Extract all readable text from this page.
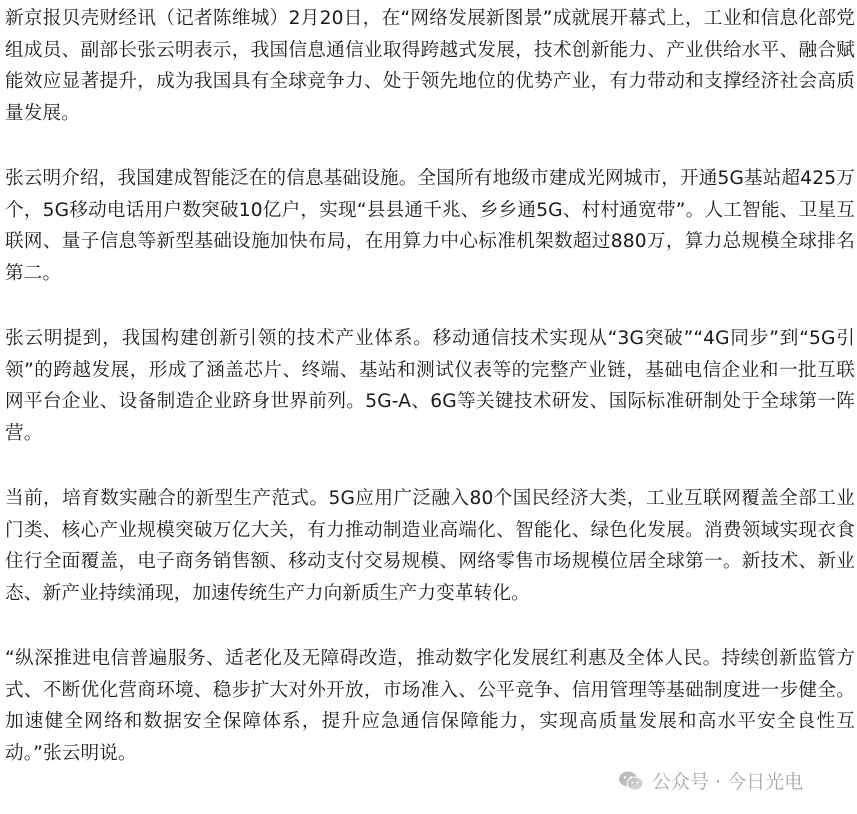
新京报贝壳财经讯（记者陈维城）2月20日，在“网络发展新图景”成就展开幕式上，工业和信息化部党组成员、副部长张云明表示，我国信息通信业取得跨越式发展，技术创新能力、产业供给水平、融合赋能效应显著提升，成为我国具有全球竞争力、处于领先地位的优势产业，有力带动和支撑经济社会高质量发展。

张云明介绍，我国建成智能泛在的信息基础设施。全国所有地级市建成光网城市，开通5G基站超425万个，5G移动电话用户数突破10亿户，实现“县县通千兆、乡乡通5G、村村通宽带”。人工智能、卫星互联网、量子信息等新型基础设施加快布局，在用算力中心标准机架数超过880万，算力总规模全球排名第二。

张云明提到，我国构建创新引领的技术产业体系。移动通信技术实现从“3G突破”“4G同步”到“5G引领”的跨越发展，形成了涵盖芯片、终端、基站和测试仪表等的完整产业链，基础电信企业和一批互联网平台企业、设备制造企业跻身世界前列。5G-A、6G等关键技术研发、国际标准研制处于全球第一阵营。

当前，培育数实融合的新型生产范式。5G应用广泛融入80个国民经济大类，工业互联网覆盖全部工业门类、核心产业规模突破万亿大关，有力推动制造业高端化、智能化、绿色化发展。消费领域实现衣食住行全面覆盖，电子商务销售额、移动支付交易规模、网络零售市场规模位居全球第一。新技术、新业态、新产业持续涌现，加速传统生产力向新质生产力变革转化。

“纵深推进电信普遍服务、适老化及无障碍改造，推动数字化发展红利惠及全体人民。持续创新监管方式、不断优化营商环境、稳步扩大对外开放，市场准入、公平竞争、信用管理等基础制度进一步健全。加速健全网络和数据安全保障体系，提升应急通信保障能力，实现高质量发展和高水平安全良性互动。”张云明说。

公众号 · 今日光电
